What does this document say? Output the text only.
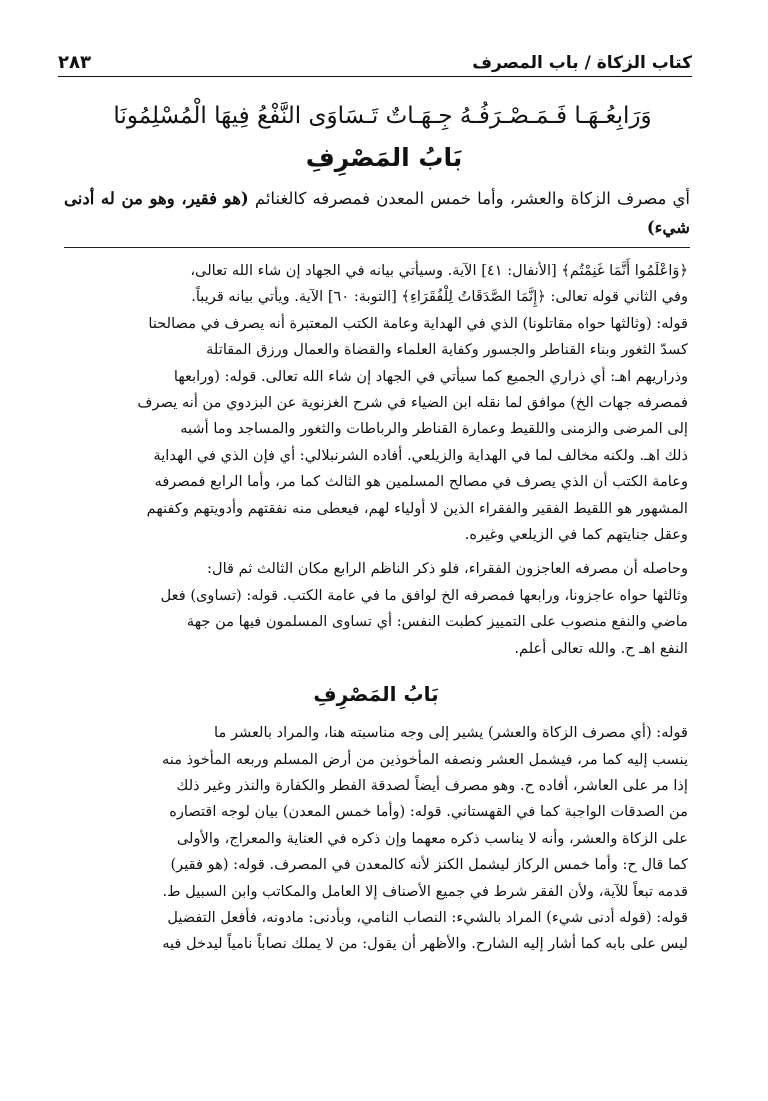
كتاب الزكاة / باب المصرف
٢٨٣
وَرَابِعُـهَـا فَـمَـصْـرَفُـهُ جِـهَـاتٌ تَـسَاوَى النَّفْعُ فِيهَا الْمُسْلِمُونَا
بَابُ المَصْرِفِ
أي مصرف الزكاة والعشر، وأما خمس المعدن فمصرفه كالغنائم (هو فقير، وهو من له أدنى شيء)

﴿وَاعْلَمُوا أَنَّمَا غَنِمْتُم﴾ [الأنفال: ٤١] الآية. وسيأتي بيانه في الجهاد إن شاء الله تعالى،

وفي الثاني قوله تعالى: ﴿إِنَّمَا الصَّدَقَاتُ لِلْفُقَرَاءِ﴾ [التوبة: ٦٠] الآية. ويأتي بيانه قريباً.

قوله: (وثالثها حواه مقاتلونا) الذي في الهداية وعامة الكتب المعتبرة أنه يصرف في مصالحنا

كسدّ الثغور وبناء القناطر والجسور وكفاية العلماء والقضاة والعمال ورزق المقاتلة

وذراريهم اهـ: أي ذراري الجميع كما سيأتي في الجهاد إن شاء الله تعالى. قوله: (ورابعها

فمصرفه جهات الخ) موافق لما نقله ابن الضياء في شرح الغزنوية عن البزدوي من أنه يصرف

إلى المرضى والزمنى واللقيط وعمارة القناطر والرباطات والثغور والمساجد وما أشبه

ذلك اهـ. ولكنه مخالف لما في الهداية والزيلعي. أفاده الشرنبلالي: أي فإن الذي في الهداية

وعامة الكتب أن الذي يصرف في مصالح المسلمين هو الثالث كما مر، وأما الرابع فمصرفه

المشهور هو اللقيط الفقير والفقراء الذين لا أولياء لهم، فيعطى منه نفقتهم وأدويتهم وكفنهم

وعقل جنايتهم كما في الزيلعي وغيره.

وحاصله أن مصرفه العاجزون الفقراء، فلو ذكر الناظم الرابع مكان الثالث ثم قال:

وثالثها حواه عاجزونا، ورابعها فمصرفه الخ لوافق ما في عامة الكتب. قوله: (تساوى) فعل

ماضي والنفع منصوب على التمييز كطبت النفس: أي تساوى المسلمون فيها من جهة

النفع اهـ ح. والله تعالى أعلم.

بَابُ المَصْرِفِ

قوله: (أي مصرف الزكاة والعشر) يشير إلى وجه مناسبته هنا، والمراد بالعشر ما

ينسب إليه كما مر، فيشمل العشر ونصفه المأخوذين من أرض المسلم وربعه المأخوذ منه

إذا مر على العاشر، أفاده ح. وهو مصرف أيضاً لصدقة الفطر والكفارة والنذر وغير ذلك

من الصدقات الواجبة كما في القهستاني. قوله: (وأما خمس المعدن) بيان لوجه اقتصاره

على الزكاة والعشر، وأنه لا يناسب ذكره معهما وإن ذكره في العناية والمعراج، والأولى

كما قال ح: وأما خمس الركاز ليشمل الكنز لأنه كالمعدن في المصرف. قوله: (هو فقير)

قدمه تبعاً للآية، ولأن الفقر شرط في جميع الأصناف إلا العامل والمكاتب وابن السبيل ط.

قوله: (قوله أدنى شيء) المراد بالشيء: النصاب النامي، وبأدنى: مادونه، فأفعل التفضيل

ليس على بابه كما أشار إليه الشارح. والأظهر أن يقول: من لا يملك نصاباً نامياً ليدخل فيه
